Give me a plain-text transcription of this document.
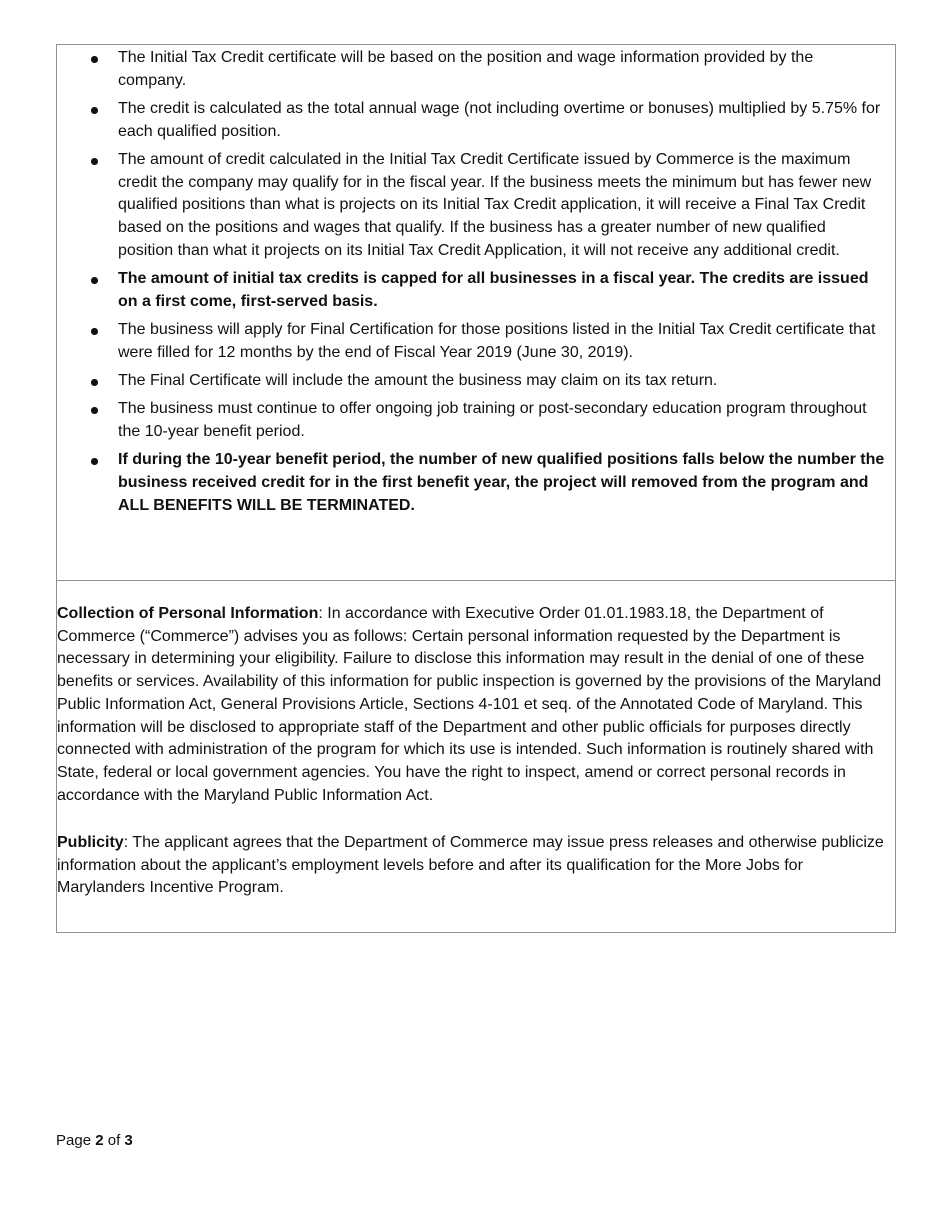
The Initial Tax Credit certificate will be based on the position and wage information provided by the company.
The credit is calculated as the total annual wage (not including overtime or bonuses) multiplied by 5.75% for each qualified position.
The amount of credit calculated in the Initial Tax Credit Certificate issued by Commerce is the maximum credit the company may qualify for in the fiscal year. If the business meets the minimum but has fewer new qualified positions than what is projects on its Initial Tax Credit application, it will receive a Final Tax Credit based on the positions and wages that qualify. If the business has a greater number of new qualified position than what it projects on its Initial Tax Credit Application, it will not receive any additional credit.
The amount of initial tax credits is capped for all businesses in a fiscal year. The credits are issued on a first come, first-served basis.
The business will apply for Final Certification for those positions listed in the Initial Tax Credit certificate that were filled for 12 months by the end of Fiscal Year 2019 (June 30, 2019).
The Final Certificate will include the amount the business may claim on its tax return.
The business must continue to offer ongoing job training or post-secondary education program throughout the 10-year benefit period.
If during the 10-year benefit period, the number of new qualified positions falls below the number the business received credit for in the first benefit year, the project will removed from the program and ALL BENEFITS WILL BE TERMINATED.

Collection of Personal Information: In accordance with Executive Order 01.01.1983.18, the Department of Commerce (“Commerce”) advises you as follows: Certain personal information requested by the Department is necessary in determining your eligibility. Failure to disclose this information may result in the denial of one of these benefits or services. Availability of this information for public inspection is governed by the provisions of the Maryland Public Information Act, General Provisions Article, Sections 4-101 et seq. of the Annotated Code of Maryland. This information will be disclosed to appropriate staff of the Department and other public officials for purposes directly connected with administration of the program for which its use is intended. Such information is routinely shared with State, federal or local government agencies. You have the right to inspect, amend or correct personal records in accordance with the Maryland Public Information Act.

Publicity: The applicant agrees that the Department of Commerce may issue press releases and otherwise publicize information about the applicant’s employment levels before and after its qualification for the More Jobs for Marylanders Incentive Program.

Page 2 of 3
